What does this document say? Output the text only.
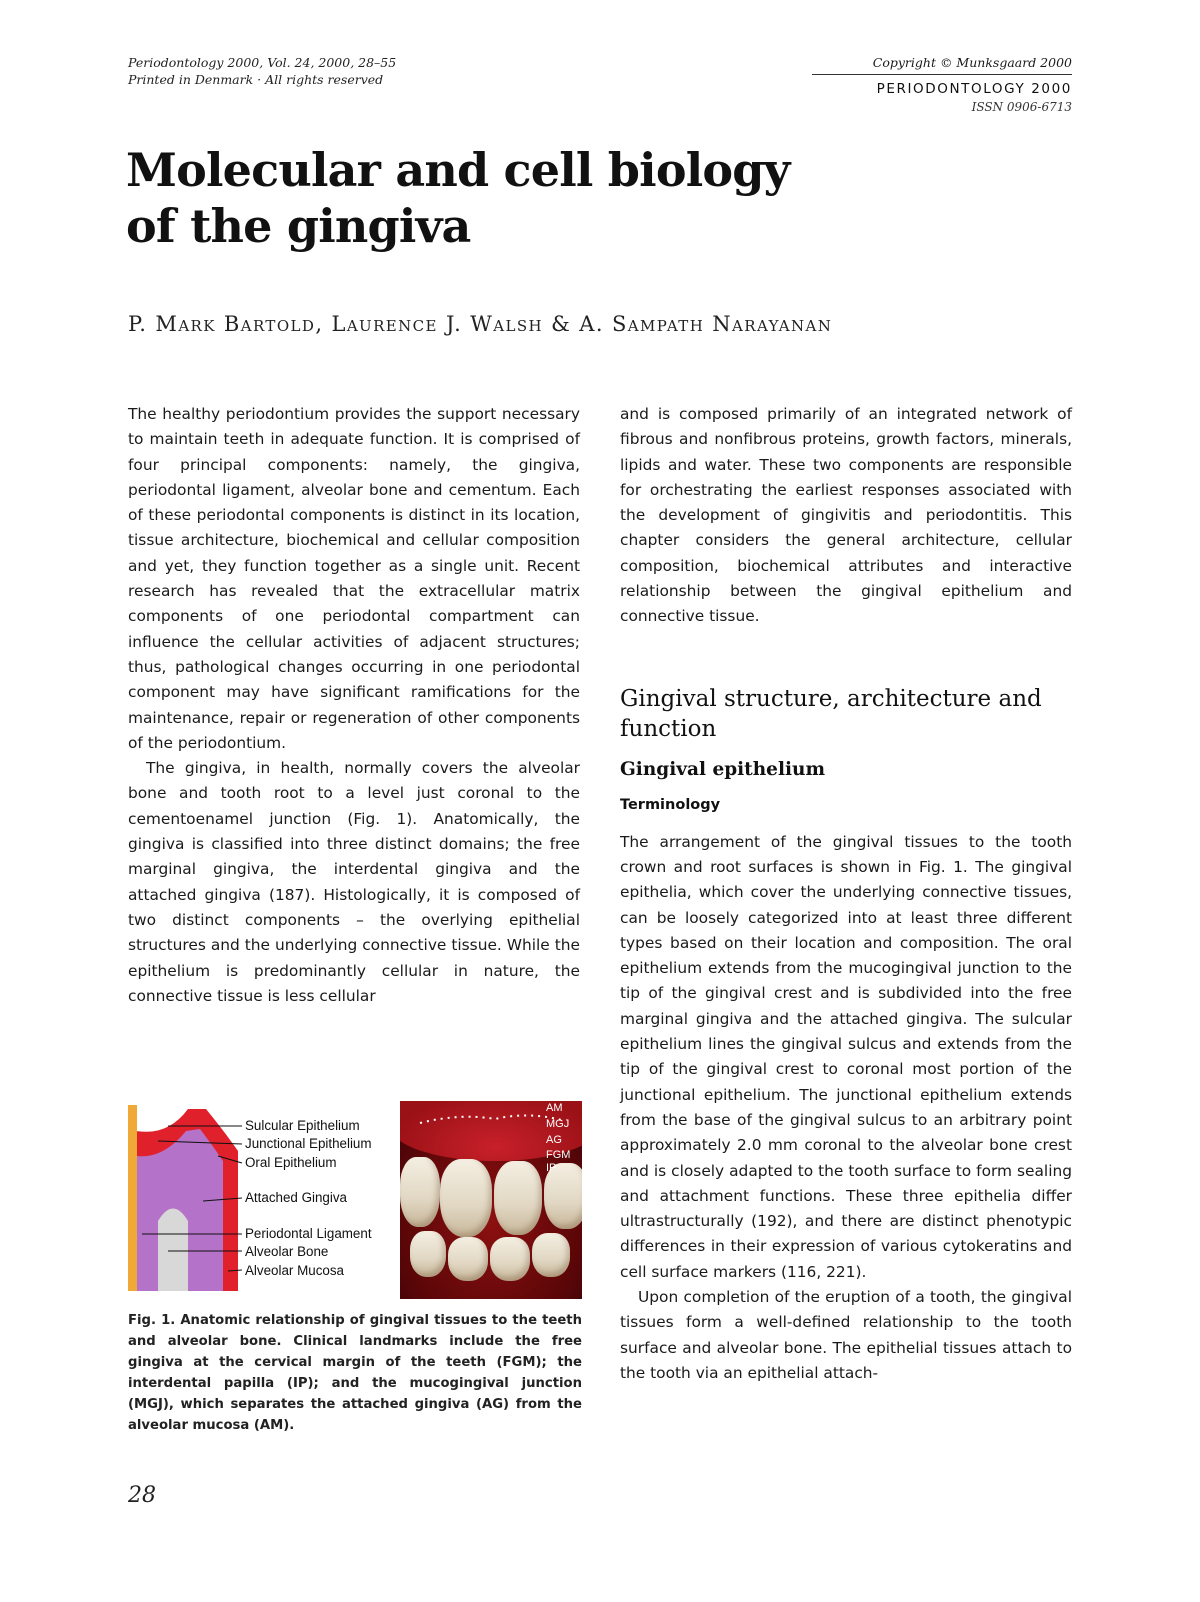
Periodontology 2000, Vol. 24, 2000, 28–55
Printed in Denmark · All rights reserved
Copyright © Munksgaard 2000
PERIODONTOLOGY 2000
ISSN 0906-6713
Molecular and cell biology
of the gingiva
P. Mark Bartold, Laurence J. Walsh & A. Sampath Narayanan

The healthy periodontium provides the support necessary to maintain teeth in adequate function. It is comprised of four principal components: namely, the gingiva, periodontal ligament, alveolar bone and cementum. Each of these periodontal components is distinct in its location, tissue architecture, biochemical and cellular composition and yet, they function together as a single unit. Recent research has revealed that the extracellular matrix components of one periodontal compartment can influence the cellular activities of adjacent structures; thus, pathological changes occurring in one periodontal component may have significant ramifications for the maintenance, repair or regeneration of other components of the periodontium.

The gingiva, in health, normally covers the alveolar bone and tooth root to a level just coronal to the cementoenamel junction (Fig. 1). Anatomically, the gingiva is classified into three distinct domains; the free marginal gingiva, the interdental gingiva and the attached gingiva (187). Histologically, it is composed of two distinct components – the overlying epithelial structures and the underlying connective tissue. While the epithelium is predominantly cellular in nature, the connective tissue is less cellular

and is composed primarily of an integrated network of fibrous and nonfibrous proteins, growth factors, minerals, lipids and water. These two components are responsible for orchestrating the earliest responses associated with the development of gingivitis and periodontitis. This chapter considers the general architecture, cellular composition, biochemical attributes and interactive relationship between the gingival epithelium and connective tissue.

Gingival structure, architecture and function
Gingival epithelium
Terminology

The arrangement of the gingival tissues to the tooth crown and root surfaces is shown in Fig. 1. The gingival epithelia, which cover the underlying connective tissues, can be loosely categorized into at least three different types based on their location and composition. The oral epithelium extends from the mucogingival junction to the tip of the gingival crest and is subdivided into the free marginal gingiva and the attached gingiva. The sulcular epithelium lines the gingival sulcus and extends from the tip of the gingival crest to coronal most portion of the junctional epithelium. The junctional epithelium extends from the base of the gingival sulcus to an arbitrary point approximately 2.0 mm coronal to the alveolar bone crest and is closely adapted to the tooth surface to form sealing and attachment functions. These three epithelia differ ultrastructurally (192), and there are distinct phenotypic differences in their expression of various cytokeratins and cell surface markers (116, 221).

Upon completion of the eruption of a tooth, the gingival tissues form a well-defined relationship to the tooth surface and alveolar bone. The epithelial tissues attach to the tooth via an epithelial attach-

Sulcular Epithelium
Junctional Epithelium
Oral Epithelium
Attached Gingiva
Periodontal Ligament
Alveolar Bone
Alveolar Mucosa
AM
MGJ
AG
FGM
IP

Fig. 1. Anatomic relationship of gingival tissues to the teeth and alveolar bone. Clinical landmarks include the free gingiva at the cervical margin of the teeth (FGM); the interdental papilla (IP); and the mucogingival junction (MGJ), which separates the attached gingiva (AG) from the alveolar mucosa (AM).

28
